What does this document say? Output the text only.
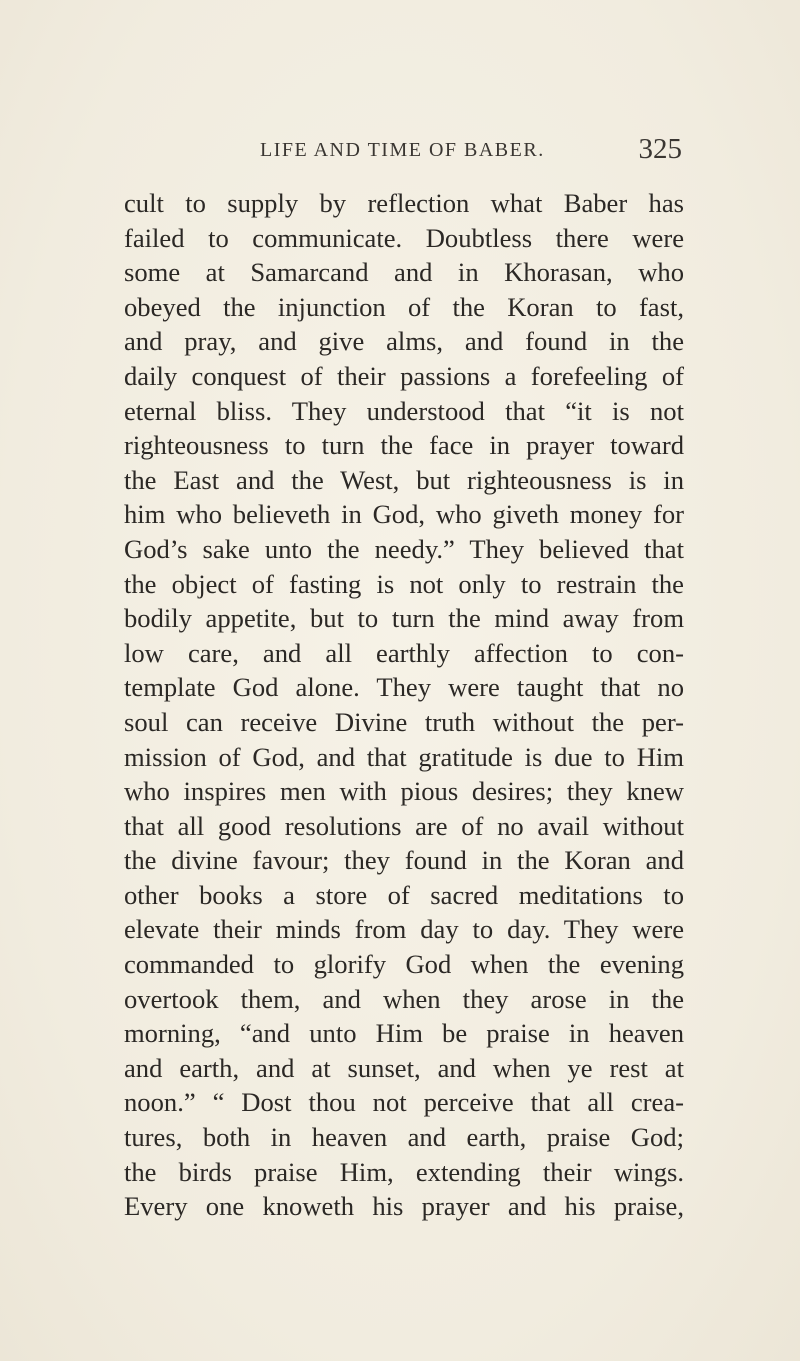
LIFE AND TIME OF BABER.	325
cult to supply by reflection what Baber has
failed to communicate. Doubtless there were
some at Samarcand and in Khorasan, who
obeyed the injunction of the Koran to fast,
and pray, and give alms, and found in the
daily conquest of their passions a forefeeling of
eternal bliss. They understood that “it is not
righteousness to turn the face in prayer toward
the East and the West, but righteousness is in
him who believeth in God, who giveth money for
God’s sake unto the needy.” They believed that
the object of fasting is not only to restrain the
bodily appetite, but to turn the mind away from
low care, and all earthly affection to con-
template God alone. They were taught that no
soul can receive Divine truth without the per-
mission of God, and that gratitude is due to Him
who inspires men with pious desires; they knew
that all good resolutions are of no avail without
the divine favour; they found in the Koran and
other books a store of sacred meditations to
elevate their minds from day to day. They were
commanded to glorify God when the evening
overtook them, and when they arose in the
morning, “and unto Him be praise in heaven
and earth, and at sunset, and when ye rest at
noon.” “ Dost thou not perceive that all crea-
tures, both in heaven and earth, praise God;
the birds praise Him, extending their wings.
Every one knoweth his prayer and his praise,
